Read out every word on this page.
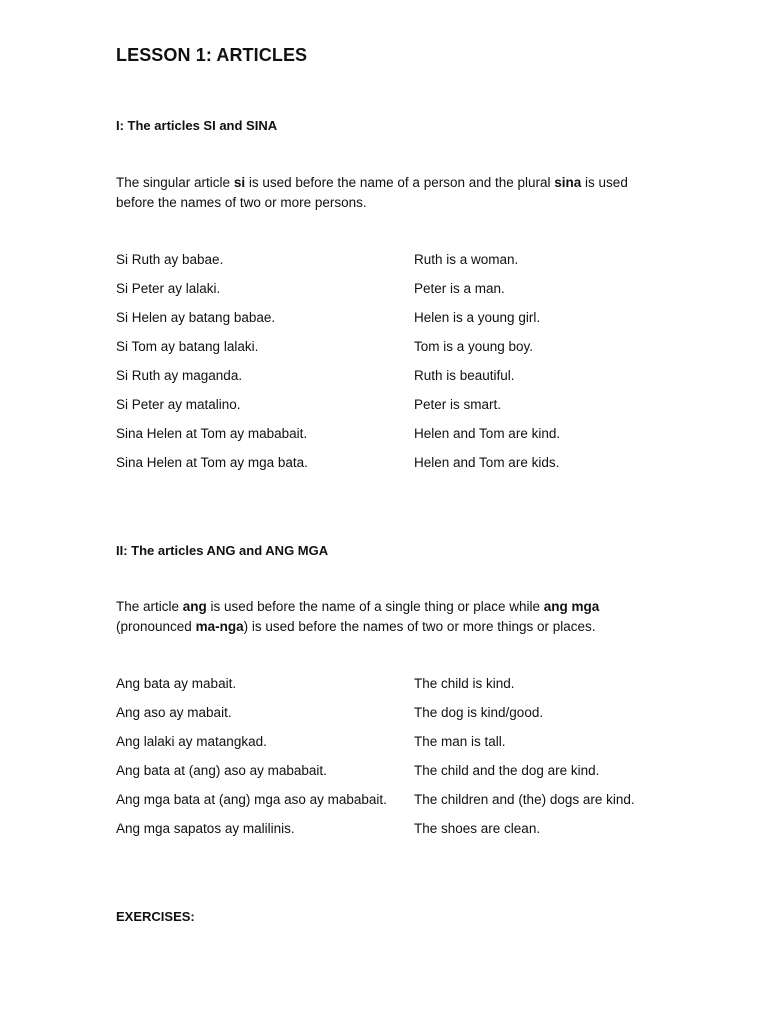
LESSON 1: ARTICLES
I: The articles SI and SINA
The singular article si is used before the name of a person and the plural sina is used before the names of two or more persons.
Si Ruth ay babae.	Ruth is a woman.
Si Peter ay lalaki.	Peter is a man.
Si Helen ay batang babae.	Helen is a young girl.
Si Tom ay batang lalaki.	Tom is a young boy.
Si Ruth ay maganda.	Ruth is beautiful.
Si Peter ay matalino.	Peter is smart.
Sina Helen at Tom ay mababait.	Helen and Tom are kind.
Sina Helen at Tom ay mga bata.	Helen and Tom are kids.
II: The articles ANG and ANG MGA
The article ang is used before the name of a single thing or place while ang mga (pronounced ma-nga) is used before the names of two or more things or places.
Ang bata ay mabait.	The child is kind.
Ang aso ay mabait.	The dog is kind/good.
Ang lalaki ay matangkad.	The man is tall.
Ang bata at (ang) aso ay mababait.	The child and the dog are kind.
Ang mga bata at (ang) mga aso ay mababait. The children and (the) dogs are kind.
Ang mga sapatos ay malilinis.	The shoes are clean.
EXERCISES:
